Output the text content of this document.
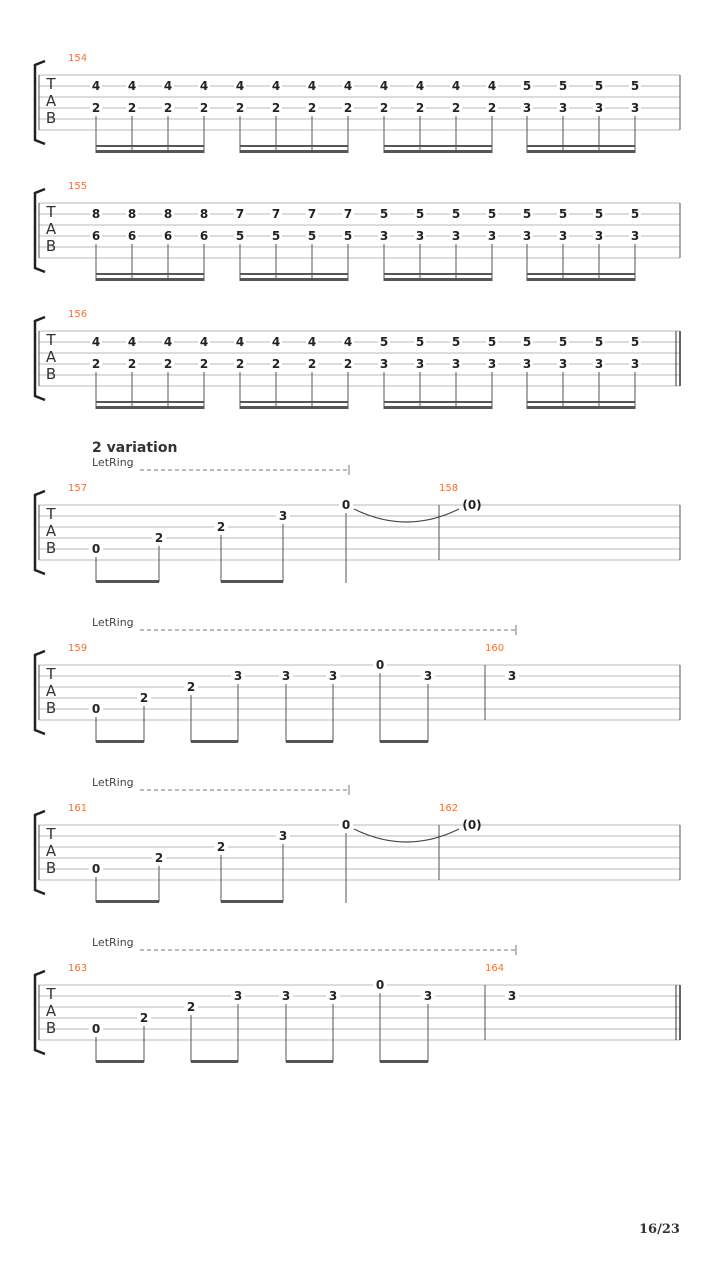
T
A
B
154
4
2
4
2
4
2
4
2
4
2
4
2
4
2
4
2
4
2
4
2
4
2
4
2
5
3
5
3
5
3
5
3
T
A
B
155
8
6
8
6
8
6
8
6
7
5
7
5
7
5
7
5
5
3
5
3
5
3
5
3
5
3
5
3
5
3
5
3
T
A
B
156
4
2
4
2
4
2
4
2
4
2
4
2
4
2
4
2
5
3
5
3
5
3
5
3
5
3
5
3
5
3
5
3
T
A
B
2 variation
LetRing
157	158
0
2
2
3
0	(0)
T
A
B
LetRing
159	160
0
2
2
3	3	3
0
3	3
T
A
B
LetRing
161	162
0
2
2
3
0	(0)
T
A
B
LetRing
163	164
0
2
2
3	3	3
0
3	3
16/23
